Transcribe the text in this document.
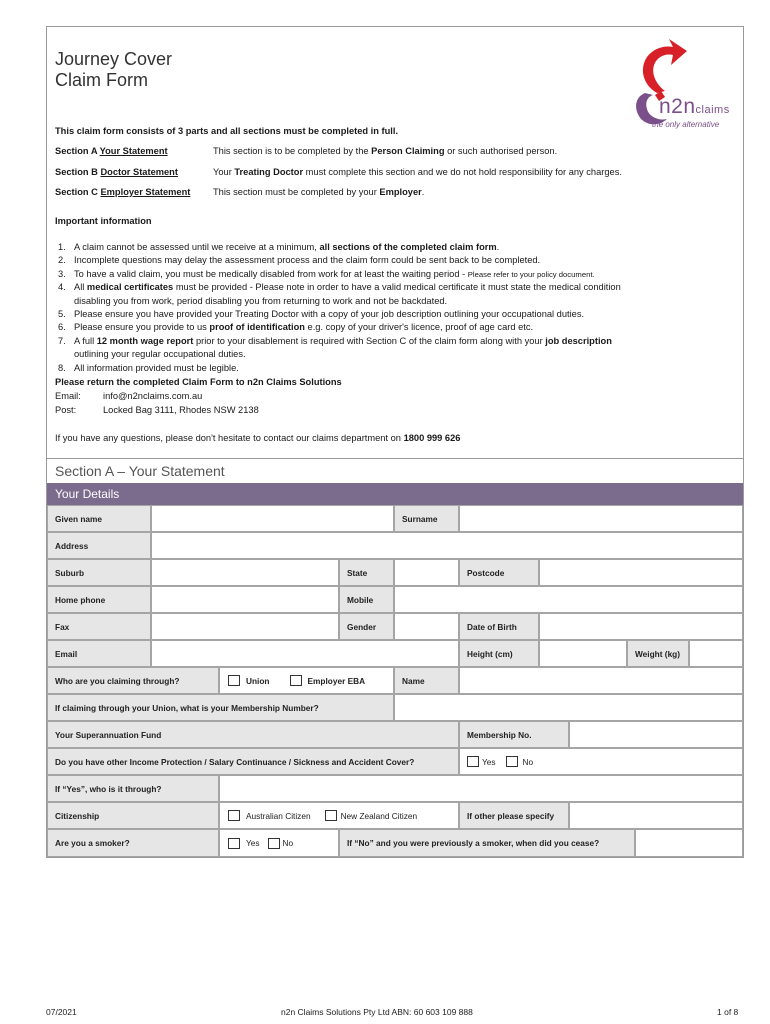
Journey Cover
Claim Form
n2nclaims
the only alternative
This claim form consists of 3 parts and all sections must be completed in full.
Section A Your Statement	This section is to be completed by the Person Claiming or such authorised person.
Section B Doctor Statement	Your Treating Doctor must complete this section and we do not hold responsibility for any charges.
Section C Employer Statement This section must be completed by your Employer.
Important information
1. A claim cannot be assessed until we receive at a minimum, all sections of the completed claim form.
2. Incomplete questions may delay the assessment process and the claim form could be sent back to be completed.
3. To have a valid claim, you must be medically disabled from work for at least the waiting period - Please refer to your policy document.
4. All medical certificates must be provided - Please note in order to have a valid medical certificate it must state the medical condition
disabling you from work, period disabling you from returning to work and not be backdated.
5. Please ensure you have provided your Treating Doctor with a copy of your job description outlining your occupational duties.
6. Please ensure you provide to us proof of identification e.g. copy of your driver's licence, proof of age card etc.
7. A full 12 month wage report prior to your disablement is required with Section C of the claim form along with your job description
outlining your regular occupational duties.
8. All information provided must be legible.
Please return the completed Claim Form to n2n Claims Solutions
Email: info@n2nclaims.com.au
Post:	Locked Bag 3111, Rhodes NSW 2138
If you have any questions, please don't hesitate to contact our claims department on 1800 999 626
Section A – Your Statement
Your Details
Given name	Surname
Address
Suburb	State	Postcode
Home phone	Mobile
Fax	Gender	Date of Birth
Email	Height (cm)	Weight (kg)
Who are you claiming through?	Union	Employer EBA	Name
If claiming through your Union, what is your Membership Number?
Your Superannuation Fund	Membership No.
Do you have other Income Protection / Salary Continuance / Sickness and Accident Cover?	Yes	No
If “Yes”, who is it through?
Citizenship	Australian Citizen	New Zealand Citizen	If other please specify
Are you a smoker?	Yes	No	If “No” and you were previously a smoker, when did you cease?
07/2021	n2n Claims Solutions Pty Ltd ABN: 60 603 109 888	1 of 8
